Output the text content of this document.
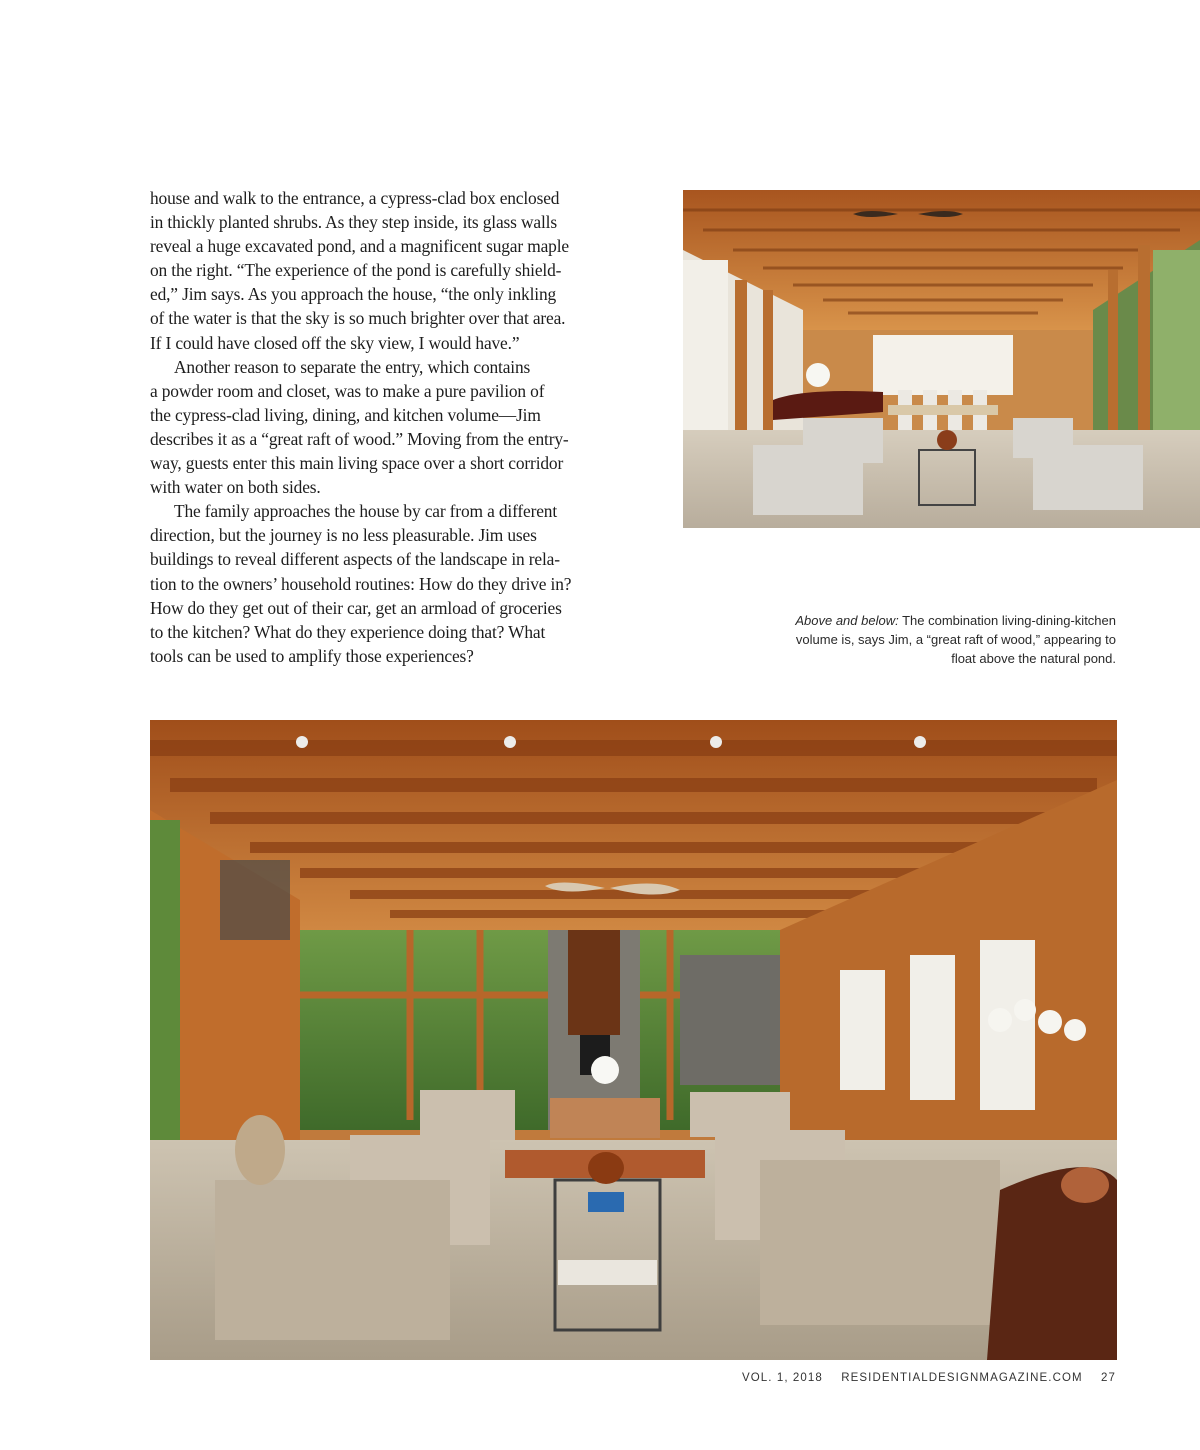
house and walk to the entrance, a cypress-clad box enclosed

in thickly planted shrubs. As they step inside, its glass walls

reveal a huge excavated pond, and a magnificent sugar maple

on the right. “The experience of the pond is carefully shield-

ed,” Jim says. As you approach the house, “the only inkling

of the water is that the sky is so much brighter over that area.

If I could have closed off the sky view, I would have.”

Another reason to separate the entry, which contains

a powder room and closet, was to make a pure pavilion of

the cypress-clad living, dining, and kitchen volume—Jim

describes it as a “great raft of wood.” Moving from the entry-

way, guests enter this main living space over a short corridor

with water on both sides.

The family approaches the house by car from a different

direction, but the journey is no less pleasurable. Jim uses

buildings to reveal different aspects of the landscape in rela-

tion to the owners’ household routines: How do they drive in?

How do they get out of their car, get an armload of groceries

to the kitchen? What do they experience doing that? What

tools can be used to amplify those experiences?

Above and below: The combination living-dining-kitchen
volume is, says Jim, a “great raft of wood,” appearing to
float above the natural pond.
VOL. 1, 2018 RESIDENTIALDESIGNMAGAZINE.COM 27
